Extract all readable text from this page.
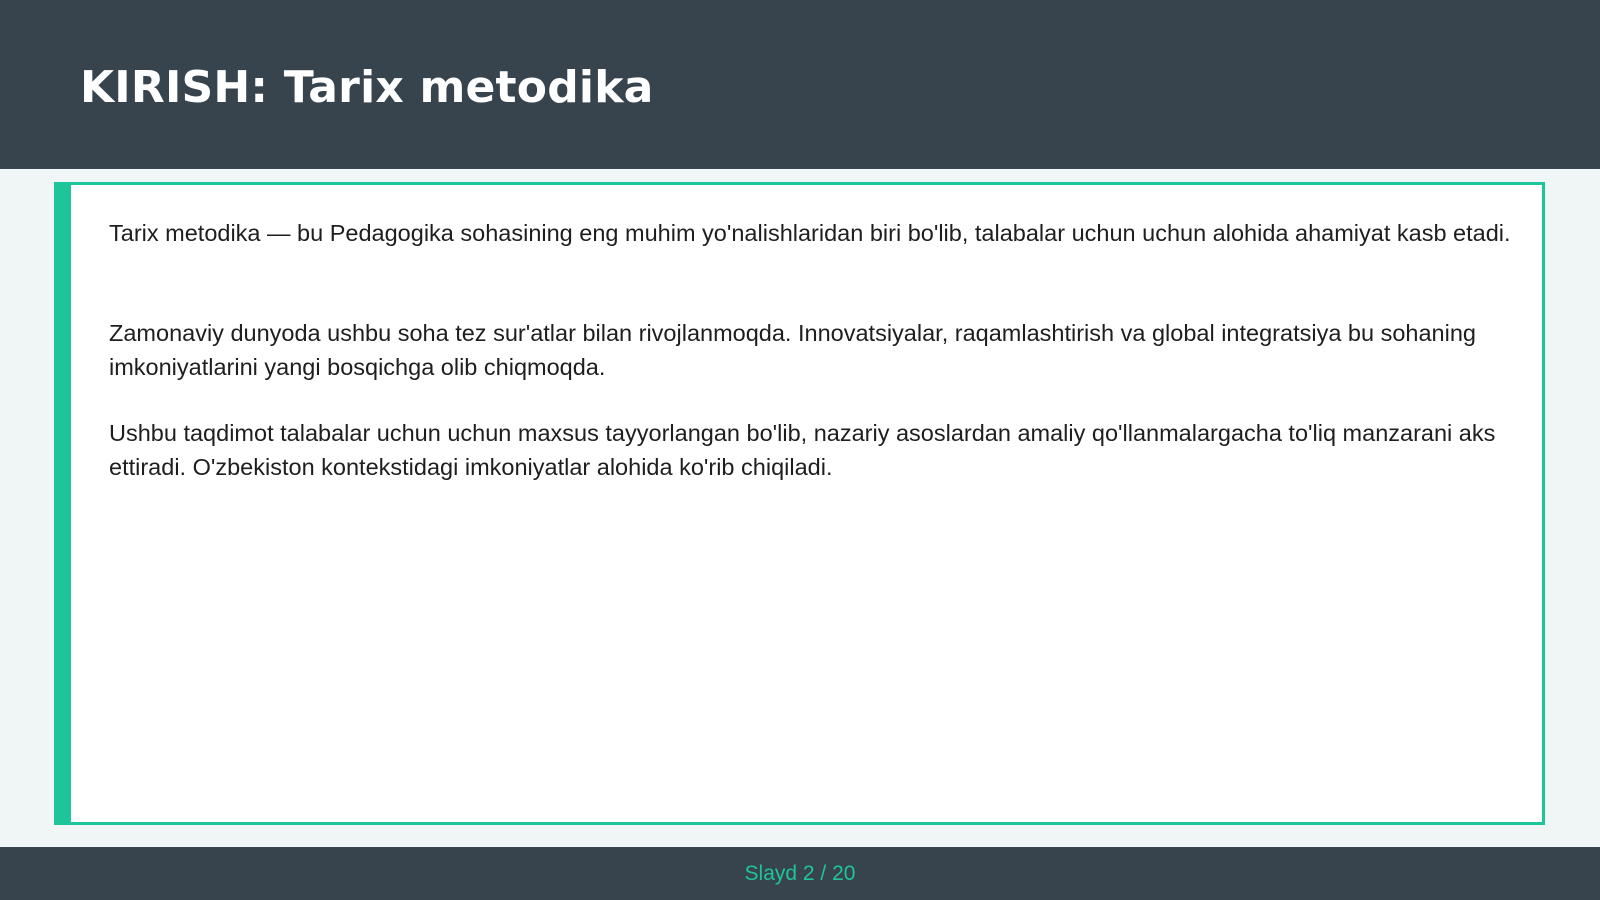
KIRISH: Tarix metodika

Tarix metodika — bu Pedagogika sohasining eng muhim yo'nalishlaridan biri bo'lib, talabalar uchun uchun alohida ahamiyat kasb etadi.

Zamonaviy dunyoda ushbu soha tez sur'atlar bilan rivojlanmoqda. Innovatsiyalar, raqamlashtirish va global integratsiya bu sohaning imkoniyatlarini yangi bosqichga olib chiqmoqda.

Ushbu taqdimot talabalar uchun uchun maxsus tayyorlangan bo'lib, nazariy asoslardan amaliy qo'llanmalargacha to'liq manzarani aks ettiradi. O'zbekiston kontekstidagi imkoniyatlar alohida ko'rib chiqiladi.

Slayd 2 / 20
